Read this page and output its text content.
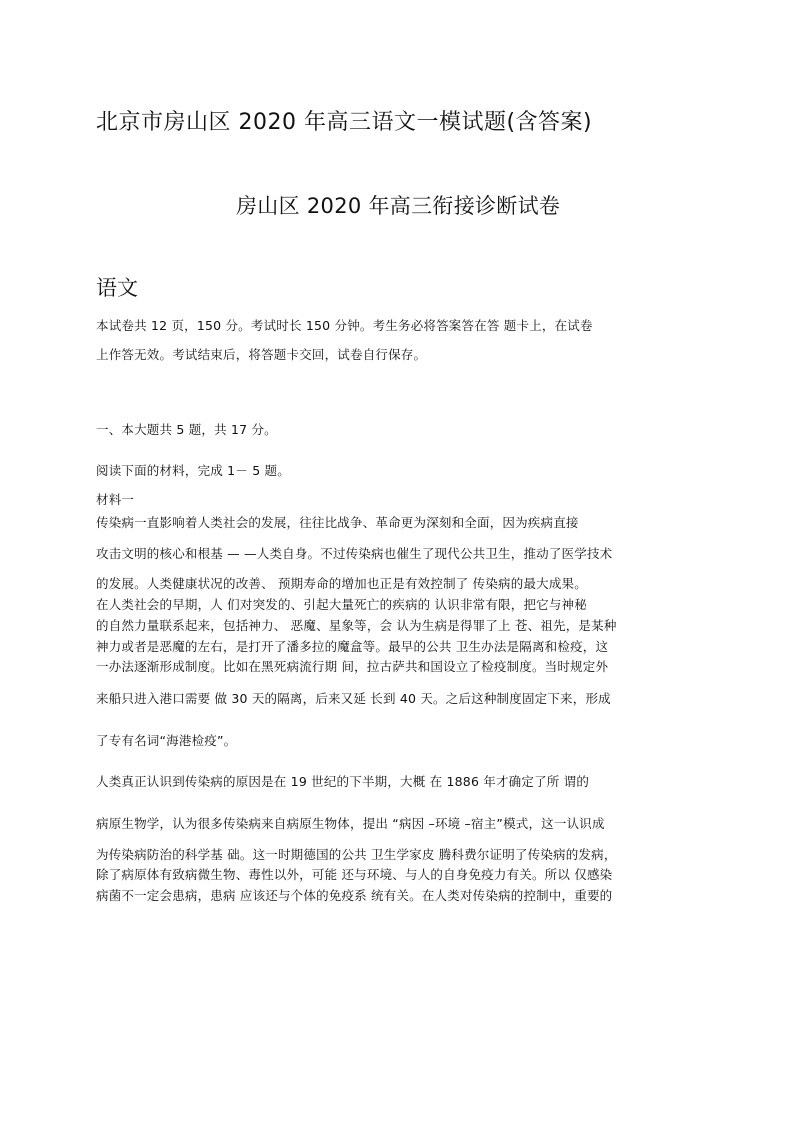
北京市房山区 2020 年高三语文一模试题(含答案)
房山区 2020 年高三衔接诊断试卷
语文
本试卷共 12 页，150 分。考试时长 150 分钟。考生务必将答案答在答 题卡上，在试卷
上作答无效。考试结束后，将答题卡交回，试卷自行保存。
一、本大题共 5 题，共 17 分。
阅读下面的材料，完成 1－ 5 题。
材料一
传染病一直影响着人类社会的发展，往往比战争、革命更为深刻和全面，因为疾病直接
攻击文明的核心和根基 — —人类自身。不过传染病也催生了现代公共卫生，推动了医学技术
的发展。人类健康状况的改善、 预期寿命的增加也正是有效控制了 传染病的最大成果。
在人类社会的早期，人 们对突发的、引起大量死亡的疾病的 认识非常有限，把它与神秘
的自然力量联系起来，包括神力、 恶魔、星象等，会 认为生病是得罪了上 苍、祖先，是某种
神力或者是恶魔的左右，是打开了潘多拉的魔盒等。最早的公共 卫生办法是隔离和检疫，这
一办法逐渐形成制度。比如在黑死病流行期 间，拉古萨共和国设立了检疫制度。当时规定外
来船只进入港口需要 做 30 天的隔离，后来又延 长到 40 天。之后这种制度固定下来，形成
了专有名词“海港检疫”。
人类真正认识到传染病的原因是在 19 世纪的下半期，大概 在 1886 年才确定了所 谓的
病原生物学，认为很多传染病来自病原生物体，提出 “病因 –环境 –宿主”模式，这一认识成
为传染病防治的科学基 础。这一时期德国的公共 卫生学家皮 腾科费尔证明了传染病的发病，
除了病原体有致病微生物、毒性以外，可能 还与环境、与人的自身免疫力有关。所以 仅感染
病菌不一定会患病，患病 应该还与个体的免疫系 统有关。在人类对传染病的控制中，重要的
